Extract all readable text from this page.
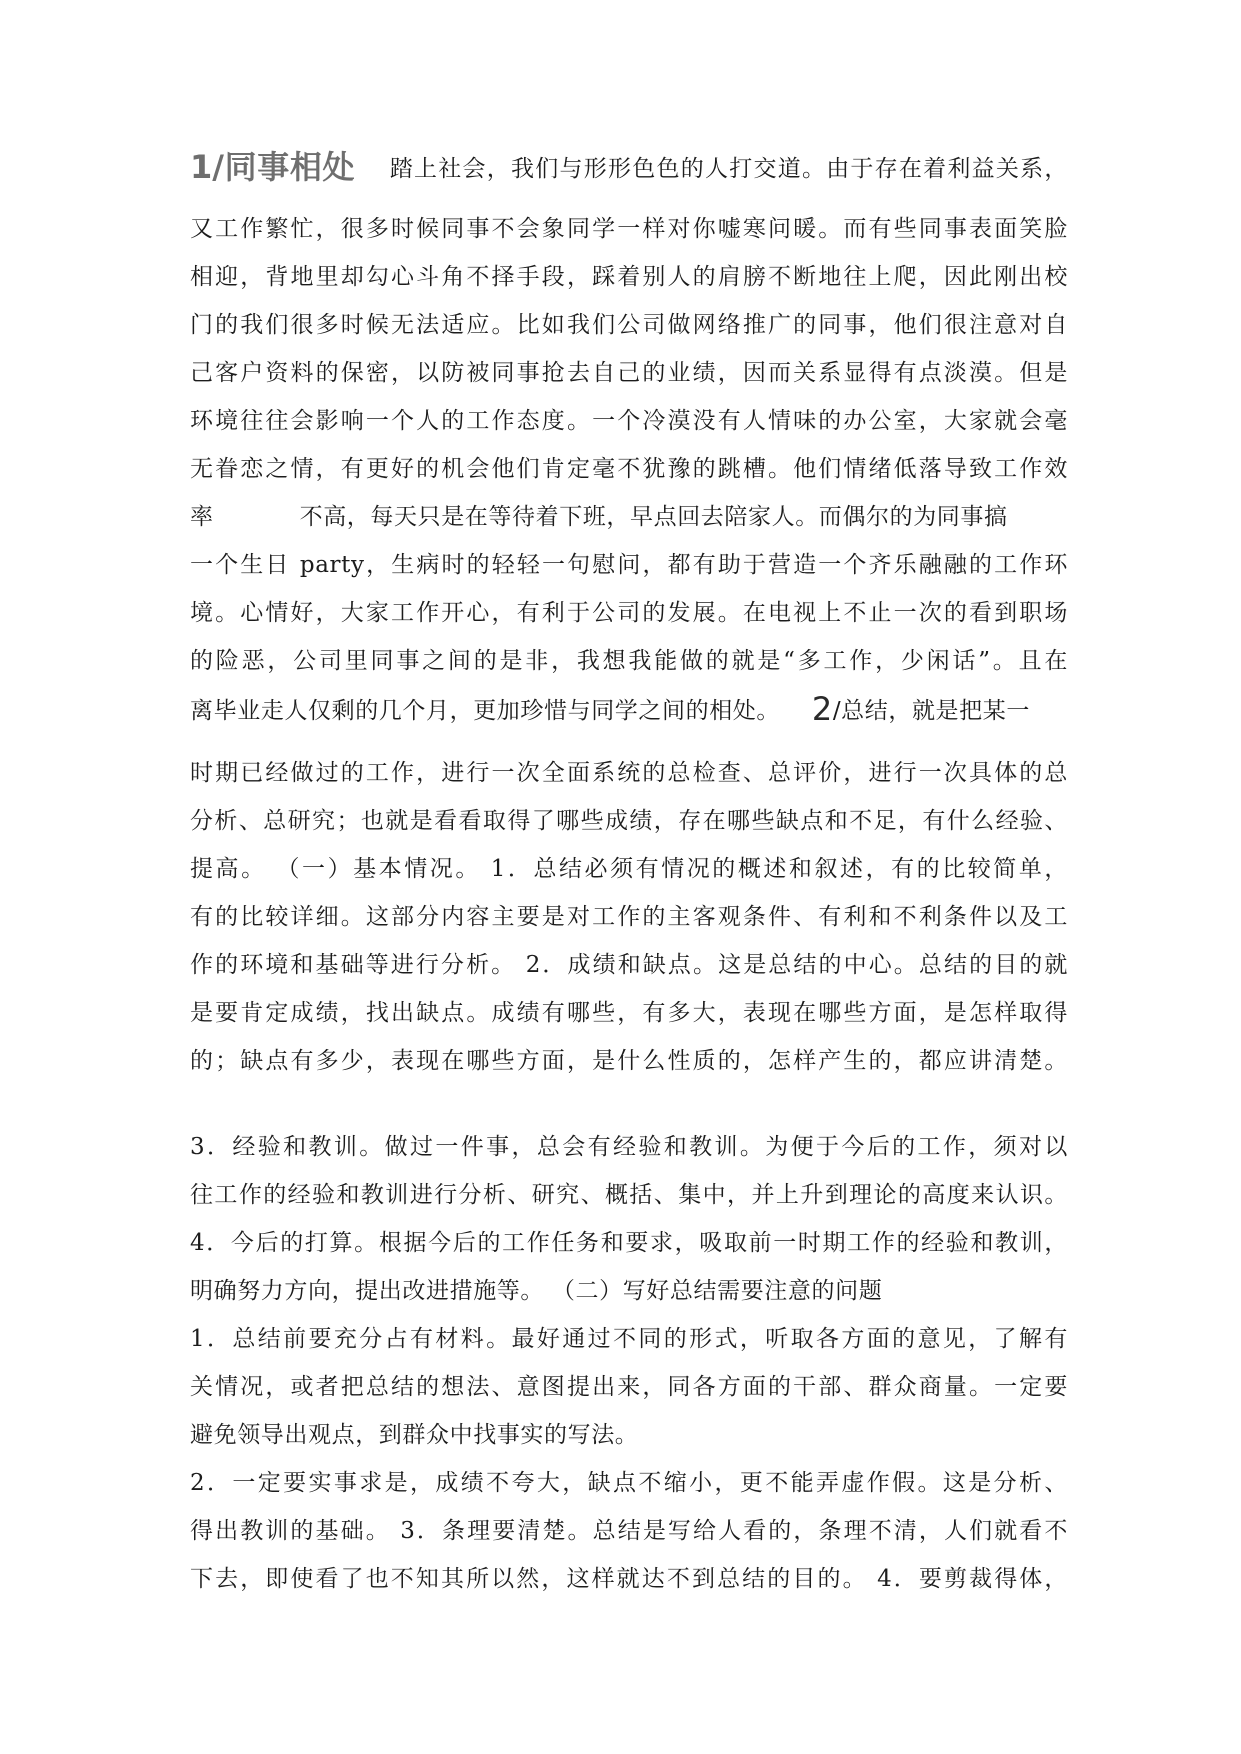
1/同事相处 踏上社会，我们与形形色色的人打交道。由于存在着利益关系，
又工作繁忙，很多时候同事不会象同学一样对你嘘寒问暖。而有些同事表面笑脸
相迎，背地里却勾心斗角不择手段，踩着别人的肩膀不断地往上爬，因此刚出校
门的我们很多时候无法适应。比如我们公司做网络推广的同事，他们很注意对自
己客户资料的保密，以防被同事抢去自己的业绩，因而关系显得有点淡漠。但是
环境往往会影响一个人的工作态度。一个冷漠没有人情味的办公室，大家就会毫
无眷恋之情，有更好的机会他们肯定毫不犹豫的跳槽。他们情绪低落导致工作效
率	不高，每天只是在等待着下班，早点回去陪家人。而偶尔的为同事搞
一个生日 party，生病时的轻轻一句慰问，都有助于营造一个齐乐融融的工作环
境。心情好，大家工作开心，有利于公司的发展。在电视上不止一次的看到职场
的险恶，公司里同事之间的是非，我想我能做的就是“多工作，少闲话”。且在
离毕业走人仅剩的几个月，更加珍惜与同学之间的相处。 2/总结，就是把某一
时期已经做过的工作，进行一次全面系统的总检查、总评价，进行一次具体的总
分析、总研究；也就是看看取得了哪些成绩，存在哪些缺点和不足，有什么经验、
提高。 （一）基本情况。 1．总结必须有情况的概述和叙述，有的比较简单，
有的比较详细。这部分内容主要是对工作的主客观条件、有利和不利条件以及工
作的环境和基础等进行分析。 2．成绩和缺点。这是总结的中心。总结的目的就
是要肯定成绩，找出缺点。成绩有哪些，有多大，表现在哪些方面，是怎样取得
的；缺点有多少，表现在哪些方面，是什么性质的，怎样产生的，都应讲清楚。
3．经验和教训。做过一件事，总会有经验和教训。为便于今后的工作，须对以
往工作的经验和教训进行分析、研究、概括、集中，并上升到理论的高度来认识。
4．今后的打算。根据今后的工作任务和要求，吸取前一时期工作的经验和教训，
明确努力方向，提出改进措施等。 （二）写好总结需要注意的问题
1．总结前要充分占有材料。最好通过不同的形式，听取各方面的意见，了解有
关情况，或者把总结的想法、意图提出来，同各方面的干部、群众商量。一定要
避免领导出观点，到群众中找事实的写法。
2．一定要实事求是，成绩不夸大，缺点不缩小，更不能弄虚作假。这是分析、
得出教训的基础。 3．条理要清楚。总结是写给人看的，条理不清，人们就看不
下去，即使看了也不知其所以然，这样就达不到总结的目的。 4．要剪裁得体，
